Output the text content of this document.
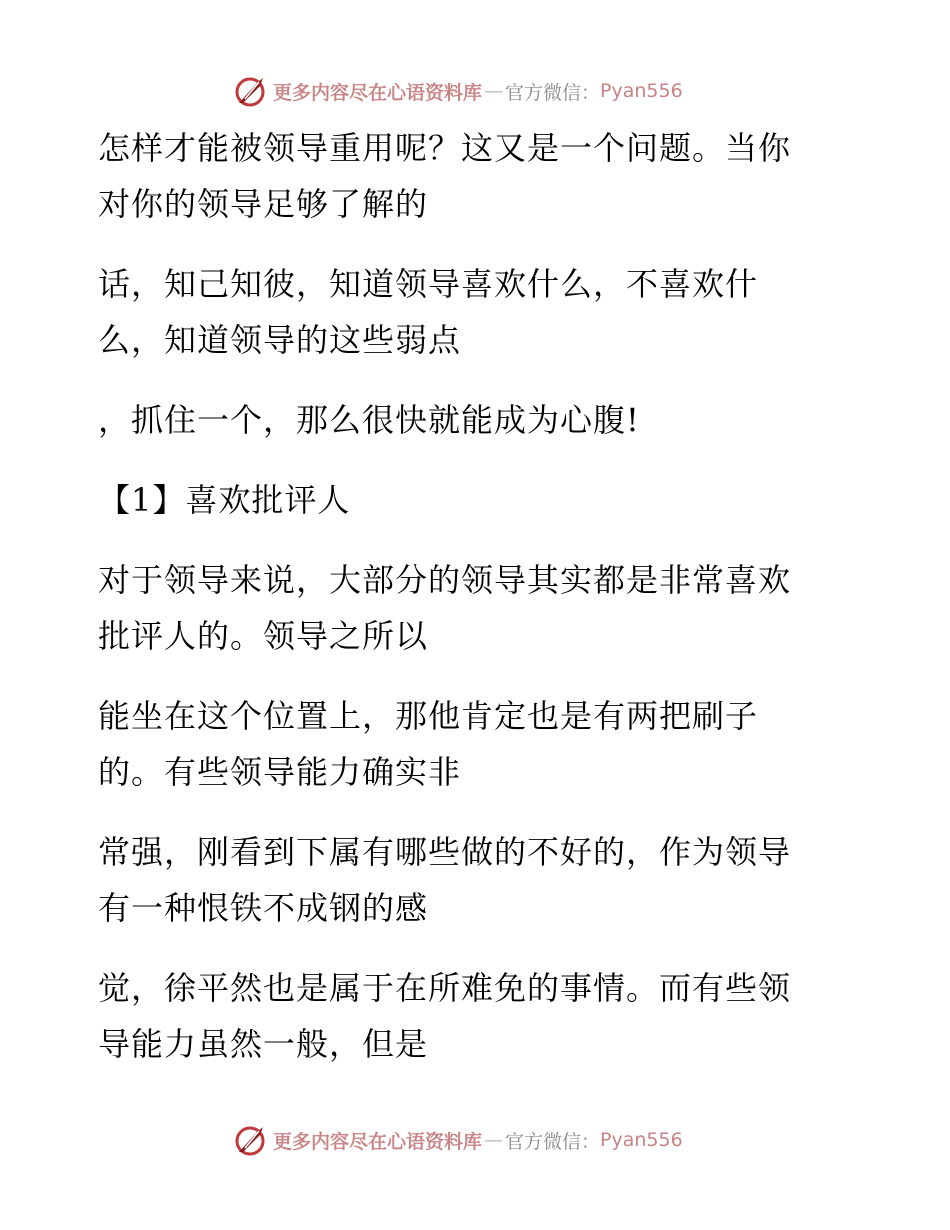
更多内容尽在心语资料库 — 官方微信： Pyan556

怎样才能被领导重用呢？这又是一个问题。当你
对你的领导足够了解的

话，知己知彼，知道领导喜欢什么，不喜欢什
么，知道领导的这些弱点

，抓住一个，那么很快就能成为心腹!

【1】喜欢批评人

对于领导来说，大部分的领导其实都是非常喜欢
批评人的。领导之所以

能坐在这个位置上，那他肯定也是有两把刷子
的。有些领导能力确实非

常强，刚看到下属有哪些做的不好的，作为领导
有一种恨铁不成钢的感

觉，徐平然也是属于在所难免的事情。而有些领
导能力虽然一般，但是

更多内容尽在心语资料库 — 官方微信： Pyan556
